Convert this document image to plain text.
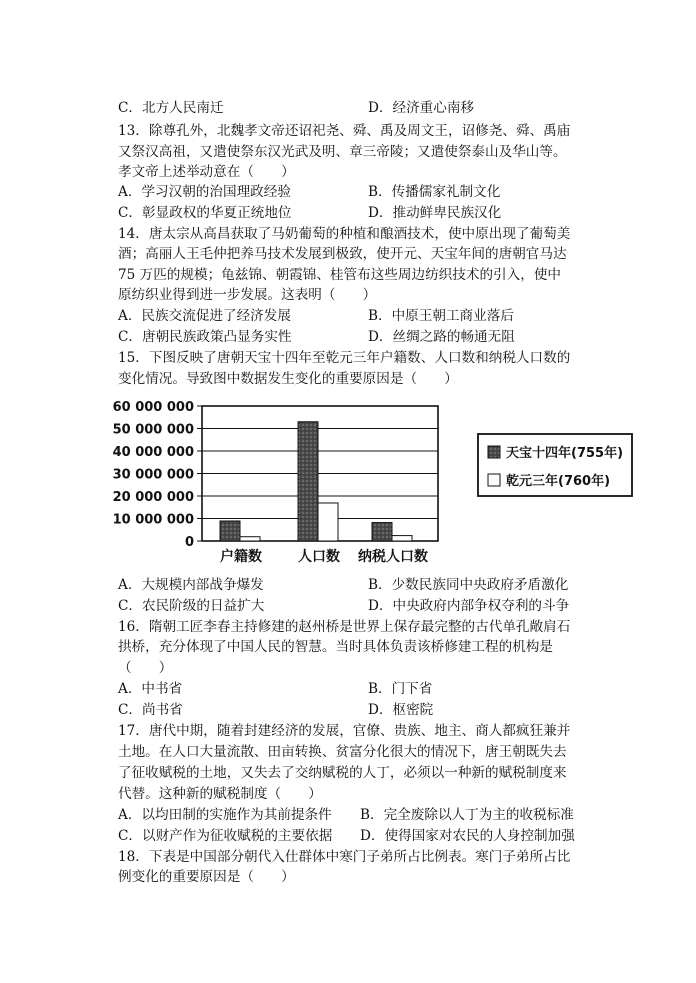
C．北方人民南迁	D．经济重心南移
13．除尊孔外，北魏孝文帝还诏祀尧、舜、禹及周文王，诏修尧、舜、禹庙
又祭汉高祖，又遣使祭东汉光武及明、章三帝陵；又遣使祭泰山及华山等。
孝文帝上述举动意在（　　）
A．学习汉朝的治国理政经验	B．传播儒家礼制文化
C．彰显政权的华夏正统地位	D．推动鲜卑民族汉化
14．唐太宗从高昌获取了马奶葡萄的种植和酿酒技术，使中原出现了葡萄美
酒；高丽人王毛仲把养马技术发展到极致，使开元、天宝年间的唐朝官马达
75 万匹的规模；龟兹锦、朝霞锦、桂管布这些周边纺织技术的引入，使中
原纺织业得到进一步发展。这表明（　　）
A．民族交流促进了经济发展	B．中原王朝工商业落后
C．唐朝民族政策凸显务实性	D．丝绸之路的畅通无阻
15．下图反映了唐朝天宝十四年至乾元三年户籍数、人口数和纳税人口数的
变化情况。导致图中数据发生变化的重要原因是（　　）
0
10 000 000
20 000 000
30 000 000
40 000 000
50 000 000
60 000 000
户籍数	人口数 纳税人口数
天宝十四年(755年)
乾元三年(760年)
A．大规模内部战争爆发	B．少数民族同中央政府矛盾激化
C．农民阶级的日益扩大	D．中央政府内部争权夺利的斗争
16．隋朝工匠李春主持修建的赵州桥是世界上保存最完整的古代单孔敞肩石
拱桥，充分体现了中国人民的智慧。当时具体负责该桥修建工程的机构是
（　　）
A．中书省	B．门下省
C．尚书省	D．枢密院
17．唐代中期，随着封建经济的发展，官僚、贵族、地主、商人都疯狂兼并
土地。在人口大量流散、田亩转换、贫富分化很大的情况下，唐王朝既失去
了征收赋税的土地，又失去了交纳赋税的人丁，必须以一种新的赋税制度来
代替。这种新的赋税制度（　　）
A．以均田制的实施作为其前提条件 B．完全废除以人丁为主的收税标准
C．以财产作为征收赋税的主要依据 D．使得国家对农民的人身控制加强
18．下表是中国部分朝代入仕群体中寒门子弟所占比例表。寒门子弟所占比
例变化的重要原因是（　　）
